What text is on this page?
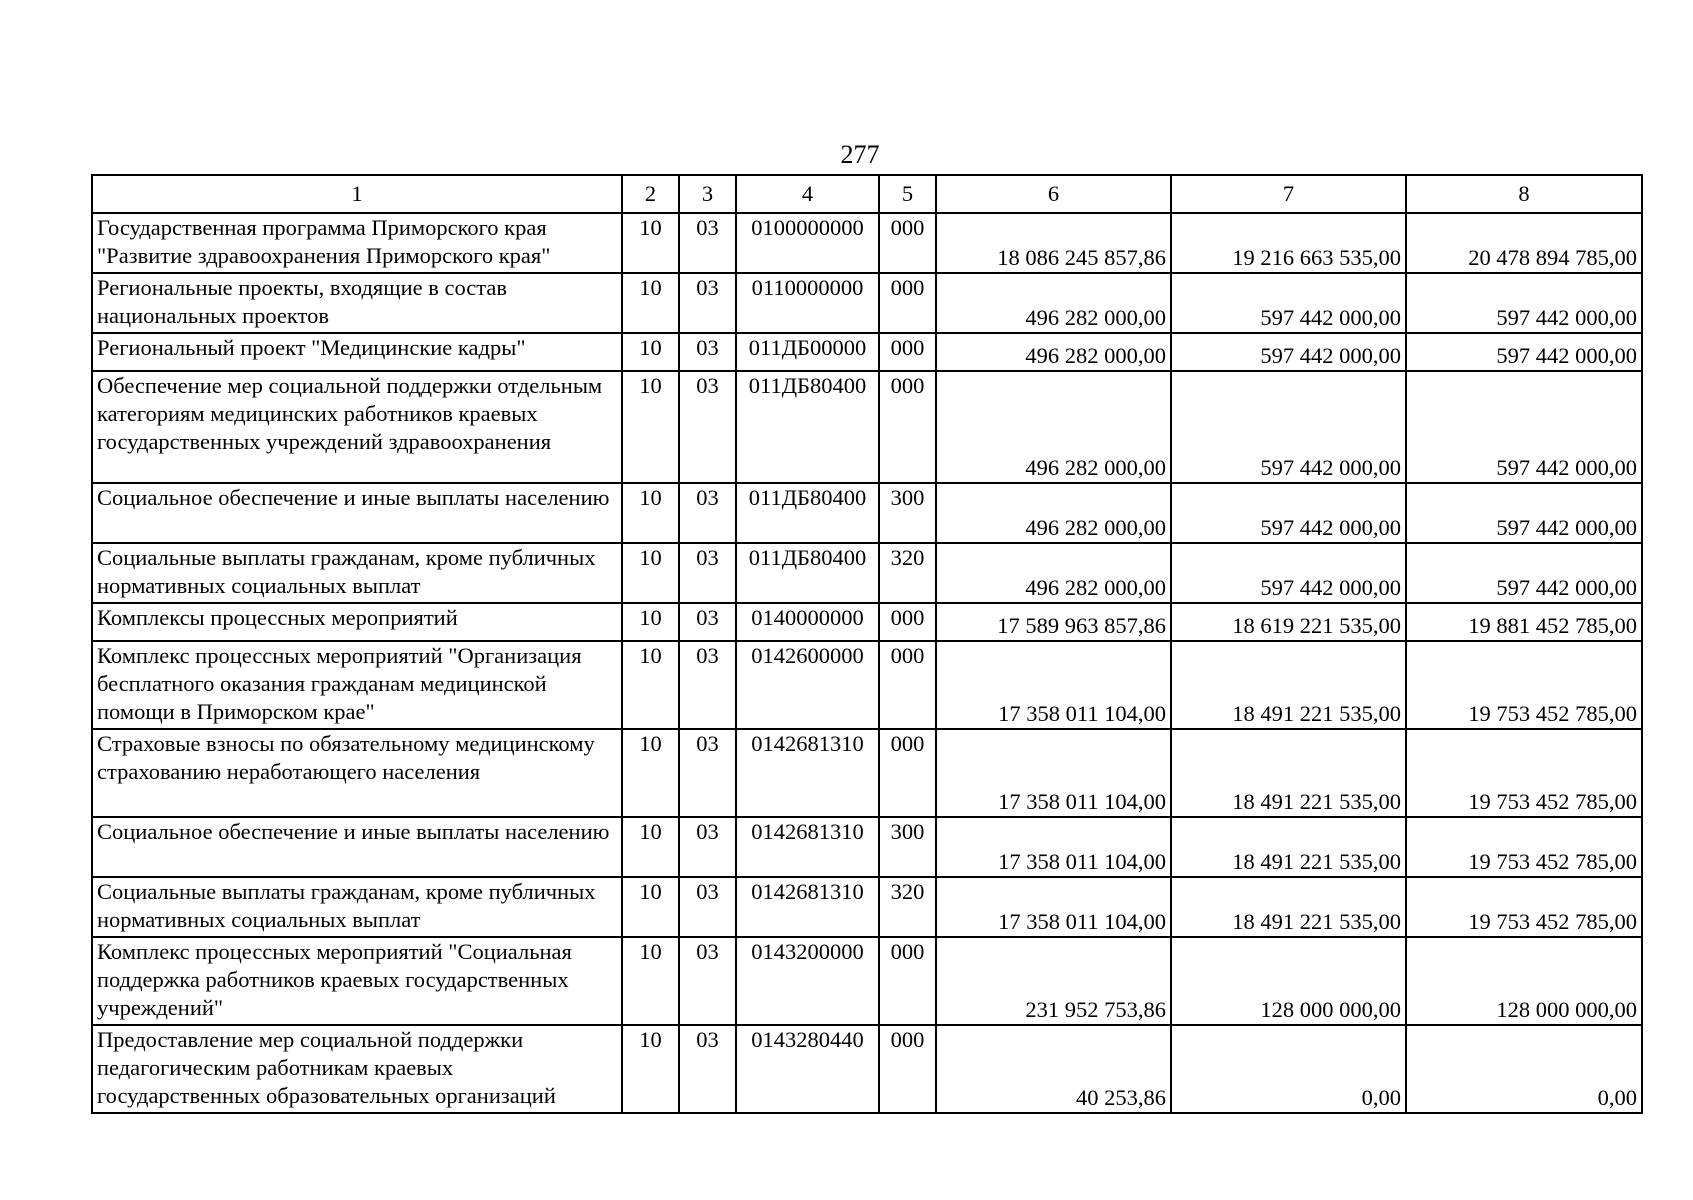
277
1	2	3	4	5	6	7	8
Государственная программа Приморского края "Развитие здравоохранения Приморского края"	10	03	0100000000	000	18 086 245 857,86	19 216 663 535,00	20 478 894 785,00
Региональные проекты, входящие в состав национальных проектов	10	03	0110000000	000	496 282 000,00	597 442 000,00	597 442 000,00
Региональный проект "Медицинские кадры"	10	03	011ДБ00000	000	496 282 000,00	597 442 000,00	597 442 000,00
Обеспечение мер социальной поддержки отдельным категориям медицинских работников краевых государственных учреждений здравоохранения	10	03	011ДБ80400	000	496 282 000,00	597 442 000,00	597 442 000,00
Социальное обеспечение и иные выплаты населению	10	03	011ДБ80400	300	496 282 000,00	597 442 000,00	597 442 000,00
Социальные выплаты гражданам, кроме публичных нормативных социальных выплат	10	03	011ДБ80400	320	496 282 000,00	597 442 000,00	597 442 000,00
Комплексы процессных мероприятий	10	03	0140000000	000	17 589 963 857,86	18 619 221 535,00	19 881 452 785,00
Комплекс процессных мероприятий "Организация бесплатного оказания гражданам медицинской помощи в Приморском крае"	10	03	0142600000	000	17 358 011 104,00	18 491 221 535,00	19 753 452 785,00
Страховые взносы по обязательному медицинскому страхованию неработающего населения	10	03	0142681310	000	17 358 011 104,00	18 491 221 535,00	19 753 452 785,00
Социальное обеспечение и иные выплаты населению	10	03	0142681310	300	17 358 011 104,00	18 491 221 535,00	19 753 452 785,00
Социальные выплаты гражданам, кроме публичных нормативных социальных выплат	10	03	0142681310	320	17 358 011 104,00	18 491 221 535,00	19 753 452 785,00
Комплекс процессных мероприятий "Социальная поддержка работников краевых государственных учреждений"	10	03	0143200000	000	231 952 753,86	128 000 000,00	128 000 000,00
Предоставление мер социальной поддержки педагогическим работникам краевых государственных образовательных организаций	10	03	0143280440	000	40 253,86	0,00	0,00
